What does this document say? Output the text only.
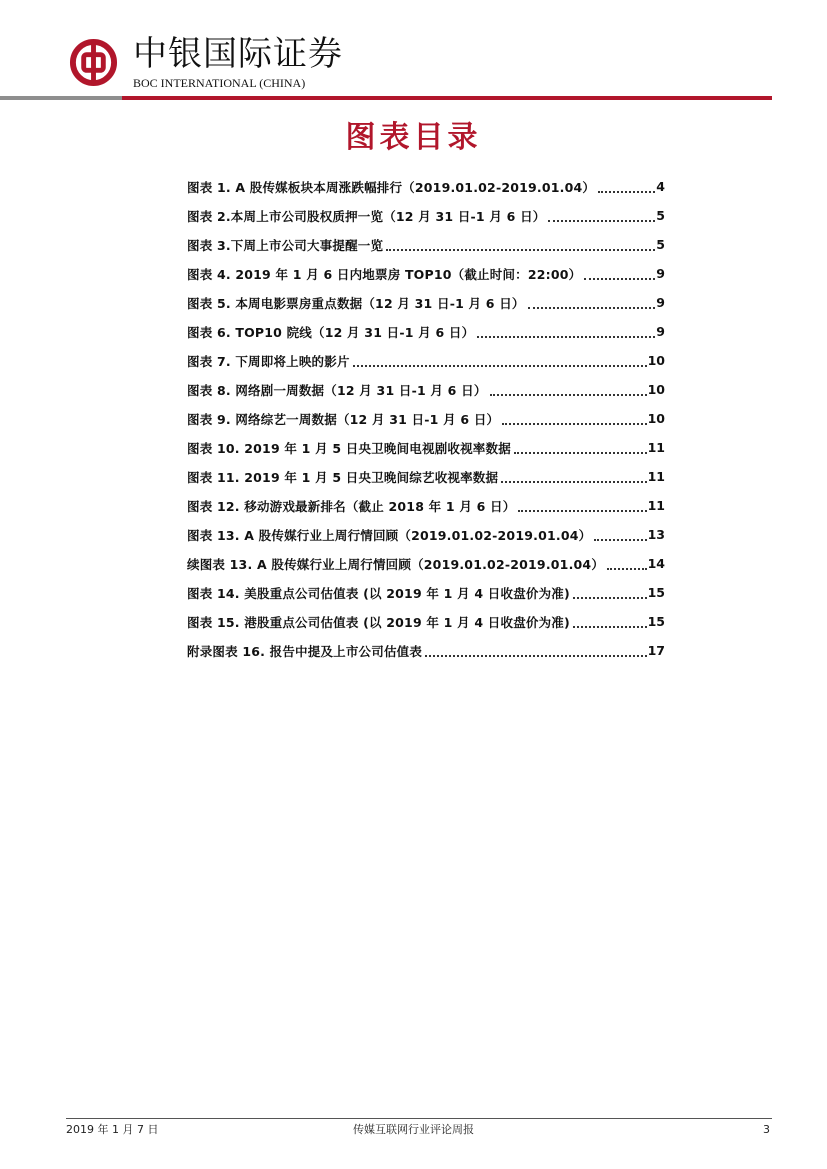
中银国际证券
BOC INTERNATIONAL (CHINA)
图表目录
图表 1. A 股传媒板块本周涨跌幅排行（2019.01.02-2019.01.04）	4
图表 2.本周上市公司股权质押一览（12 月 31 日-1 月 6 日）	5
图表 3.下周上市公司大事提醒一览	5
图表 4. 2019 年 1 月 6 日内地票房 TOP10（截止时间：22:00）	9
图表 5. 本周电影票房重点数据（12 月 31 日-1 月 6 日）	9
图表 6. TOP10 院线（12 月 31 日-1 月 6 日）	9
图表 7. 下周即将上映的影片	10
图表 8. 网络剧一周数据（12 月 31 日-1 月 6 日）	10
图表 9. 网络综艺一周数据（12 月 31 日-1 月 6 日）	10
图表 10. 2019 年 1 月 5 日央卫晚间电视剧收视率数据	11
图表 11. 2019 年 1 月 5 日央卫晚间综艺收视率数据	11
图表 12. 移动游戏最新排名（截止 2018 年 1 月 6 日）	11
图表 13. A 股传媒行业上周行情回顾（2019.01.02-2019.01.04）	13
续图表 13. A 股传媒行业上周行情回顾（2019.01.02-2019.01.04）	14
图表 14. 美股重点公司估值表 (以 2019 年 1 月 4 日收盘价为准)	15
图表 15. 港股重点公司估值表 (以 2019 年 1 月 4 日收盘价为准)	15
附录图表 16. 报告中提及上市公司估值表	17
2019 年 1 月 7 日	传媒互联网行业评论周报	3
